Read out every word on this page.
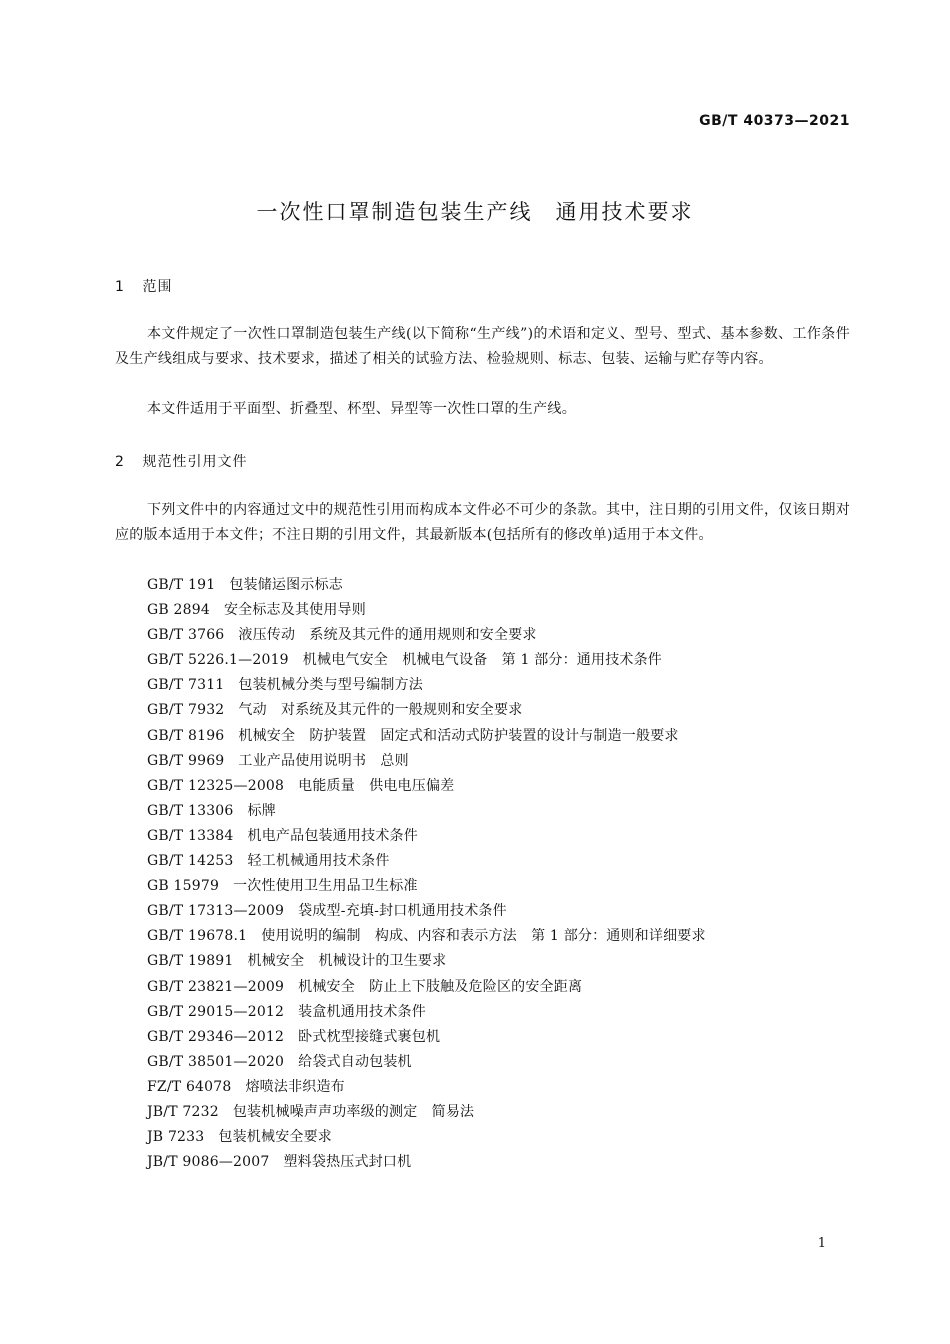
GB/T 40373—2021
一次性口罩制造包装生产线　通用技术要求
1 范围
本文件规定了一次性口罩制造包装生产线(以下简称“生产线”)的术语和定义、型号、型式、基本参数、工作条件及生产线组成与要求、技术要求，描述了相关的试验方法、检验规则、标志、包装、运输与贮存等内容。
本文件适用于平面型、折叠型、杯型、异型等一次性口罩的生产线。
2 规范性引用文件
下列文件中的内容通过文中的规范性引用而构成本文件必不可少的条款。其中，注日期的引用文件，仅该日期对应的版本适用于本文件；不注日期的引用文件，其最新版本(包括所有的修改单)适用于本文件。
GB/T 191 包装储运图示标志
GB 2894 安全标志及其使用导则
GB/T 3766 液压传动　系统及其元件的通用规则和安全要求
GB/T 5226.1—2019 机械电气安全　机械电气设备　第 1 部分：通用技术条件
GB/T 7311 包装机械分类与型号编制方法
GB/T 7932 气动　对系统及其元件的一般规则和安全要求
GB/T 8196 机械安全　防护装置　固定式和活动式防护装置的设计与制造一般要求
GB/T 9969 工业产品使用说明书　总则
GB/T 12325—2008 电能质量　供电电压偏差
GB/T 13306 标牌
GB/T 13384 机电产品包装通用技术条件
GB/T 14253 轻工机械通用技术条件
GB 15979 一次性使用卫生用品卫生标准
GB/T 17313—2009 袋成型-充填-封口机通用技术条件
GB/T 19678.1 使用说明的编制　构成、内容和表示方法　第 1 部分：通则和详细要求
GB/T 19891 机械安全　机械设计的卫生要求
GB/T 23821—2009 机械安全　防止上下肢触及危险区的安全距离
GB/T 29015—2012 装盒机通用技术条件
GB/T 29346—2012 卧式枕型接缝式裹包机
GB/T 38501—2020 给袋式自动包装机
FZ/T 64078 熔喷法非织造布
JB/T 7232 包装机械噪声声功率级的测定　简易法
JB 7233 包装机械安全要求
JB/T 9086—2007 塑料袋热压式封口机
1
